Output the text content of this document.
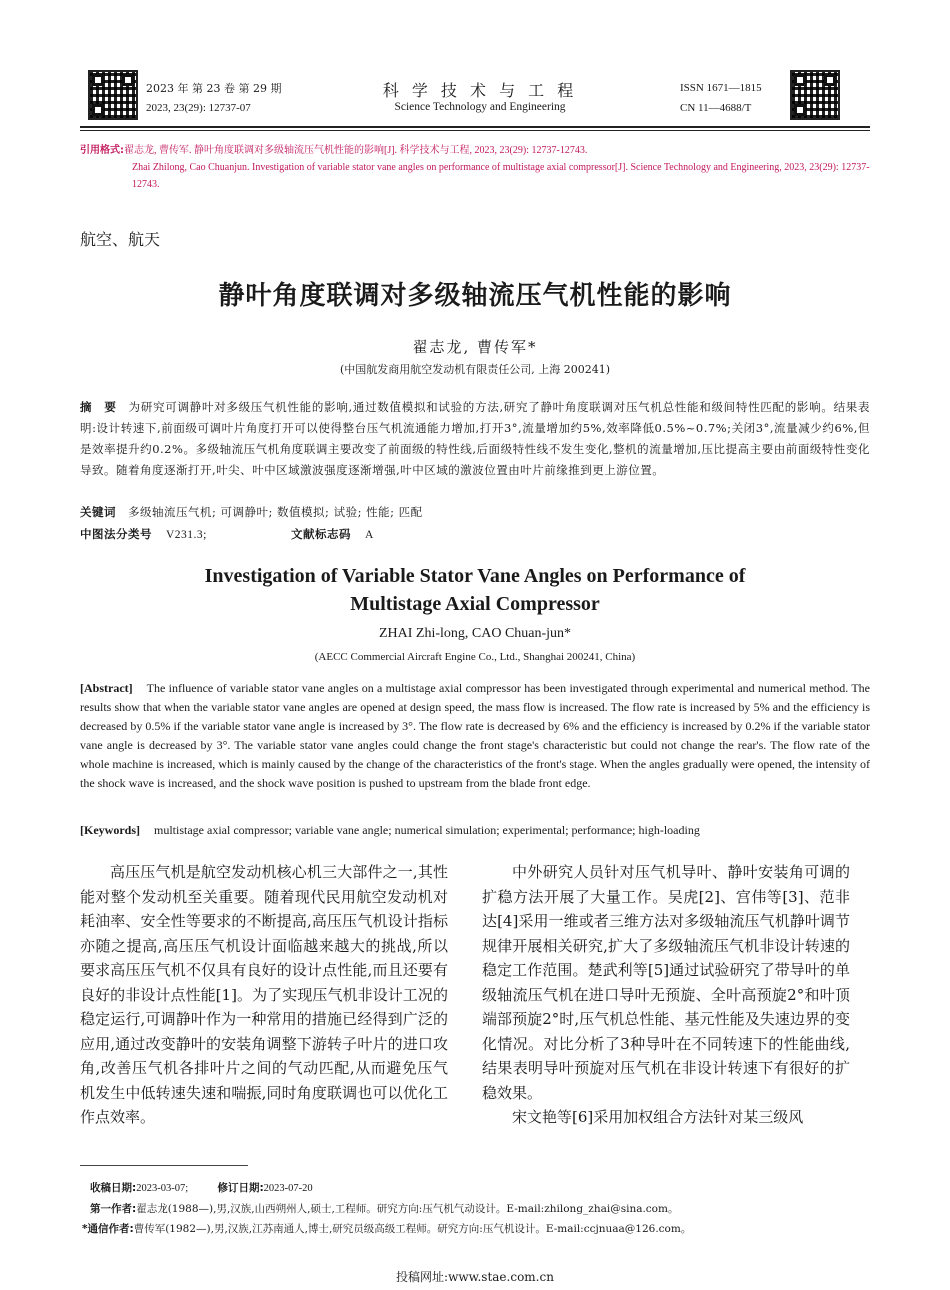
2023 年 第 23 卷 第 29 期
2023, 23(29): 12737-07
科 学 技 术 与 工 程
Science Technology and Engineering
ISSN 1671—1815
CN 11—4688/T
引用格式:翟志龙, 曹传军. 静叶角度联调对多级轴流压气机性能的影响[J]. 科学技术与工程, 2023, 23(29): 12737-12743.
Zhai Zhilong, Cao Chuanjun. Investigation of variable stator vane angles on performance of multistage axial compressor[J]. Science Technology and Engineering, 2023, 23(29): 12737-12743.
航空、航天
静叶角度联调对多级轴流压气机性能的影响
翟志龙, 曹传军*
(中国航发商用航空发动机有限责任公司, 上海 200241)
摘　要 为研究可调静叶对多级压气机性能的影响,通过数值模拟和试验的方法,研究了静叶角度联调对压气机总性能和级间特性匹配的影响。结果表明:设计转速下,前面级可调叶片角度打开可以使得整台压气机流通能力增加,打开3°,流量增加约5%,效率降低0.5%~0.7%;关闭3°,流量减少约6%,但是效率提升约0.2%。多级轴流压气机角度联调主要改变了前面级的特性线,后面级特性线不发生变化,整机的流量增加,压比提高主要由前面级特性变化导致。随着角度逐渐打开,叶尖、叶中区域激波强度逐渐增强,叶中区域的激波位置由叶片前缘推到更上游位置。
关键词 多级轴流压气机; 可调静叶; 数值模拟; 试验; 性能; 匹配
中图法分类号 V231.3;	文献标志码 A
Investigation of Variable Stator Vane Angles on Performance of
Multistage Axial Compressor
ZHAI Zhi-long, CAO Chuan-jun*
(AECC Commercial Aircraft Engine Co., Ltd., Shanghai 200241, China)
[Abstract] The influence of variable stator vane angles on a multistage axial compressor has been investigated through experimental and numerical method. The results show that when the variable stator vane angles are opened at design speed, the mass flow is increased. The flow rate is increased by 5% and the efficiency is decreased by 0.5% if the variable stator vane angle is increased by 3°. The flow rate is decreased by 6% and the efficiency is increased by 0.2% if the variable stator vane angle is decreased by 3°. The variable stator vane angles could change the front stage's characteristic but could not change the rear's. The flow rate of the whole machine is increased, which is mainly caused by the change of the characteristics of the front's stage. When the angles gradually were opened, the intensity of the shock wave is increased, and the shock wave position is pushed to upstream from the blade front edge.
[Keywords] multistage axial compressor; variable vane angle; numerical simulation; experimental; performance; high-loading

高压压气机是航空发动机核心机三大部件之一,其性能对整个发动机至关重要。随着现代民用航空发动机对耗油率、安全性等要求的不断提高,高压压气机设计指标亦随之提高,高压压气机设计面临越来越大的挑战,所以要求高压压气机不仅具有良好的设计点性能,而且还要有良好的非设计点性能[1]。为了实现压气机非设计工况的稳定运行,可调静叶作为一种常用的措施已经得到广泛的应用,通过改变静叶的安装角调整下游转子叶片的进口攻角,改善压气机各排叶片之间的气动匹配,从而避免压气机发生中低转速失速和喘振,同时角度联调也可以优化工作点效率。

中外研究人员针对压气机导叶、静叶安装角可调的扩稳方法开展了大量工作。吴虎[2]、宫伟等[3]、范非达[4]采用一维或者三维方法对多级轴流压气机静叶调节规律开展相关研究,扩大了多级轴流压气机非设计转速的稳定工作范围。楚武利等[5]通过试验研究了带导叶的单级轴流压气机在进口导叶无预旋、全叶高预旋2°和叶顶端部预旋2°时,压气机总性能、基元性能及失速边界的变化情况。对比分析了3种导叶在不同转速下的性能曲线,结果表明导叶预旋对压气机在非设计转速下有很好的扩稳效果。

宋文艳等[6]采用加权组合方法针对某三级风

收稿日期:2023-03-07;	修订日期:2023-07-20
第一作者:翟志龙(1988—),男,汉族,山西朔州人,硕士,工程师。研究方向:压气机气动设计。E-mail:zhilong_zhai@sina.com。
*通信作者:曹传军(1982—),男,汉族,江苏南通人,博士,研究员级高级工程师。研究方向:压气机设计。E-mail:ccjnuaa@126.com。
投稿网址:www.stae.com.cn
